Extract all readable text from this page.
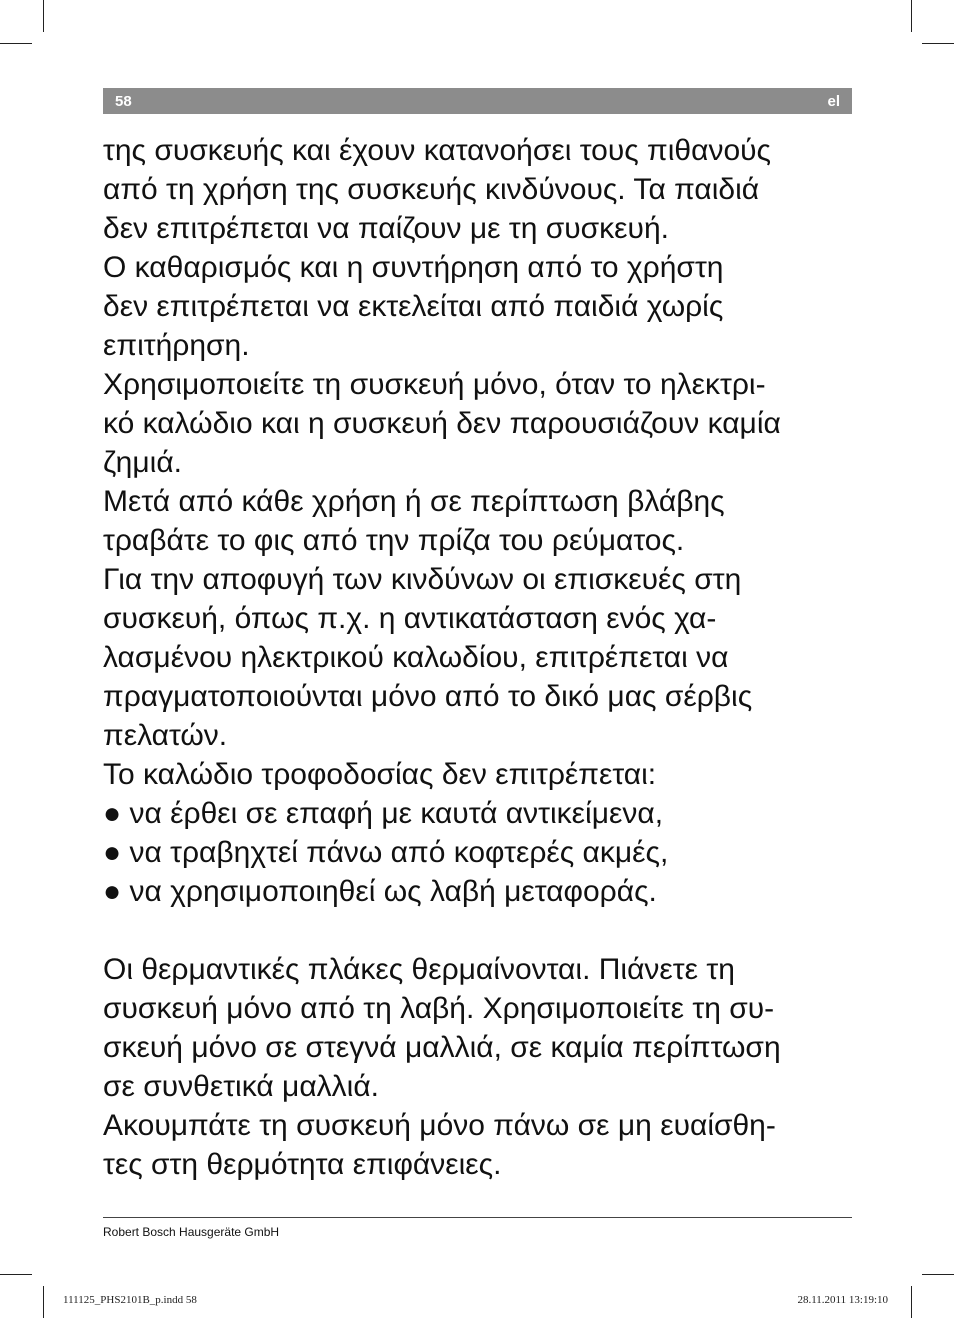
58	el
της συσκευής και έχουν κατανοήσει τους πιθανούς
από τη χρήση της συσκευής κινδύνους. Τα παιδιά
δεν επιτρέπεται να παίζουν με τη συσκευή.
Ο καθαρισμός και η συντήρηση από το χρήστη
δεν επιτρέπεται να εκτελείται από παιδιά χωρίς
επιτήρηση.
Χρησιμοποιείτε τη συσκευή μόνο, όταν το ηλεκτρι-
κό καλώδιο και η συσκευή δεν παρουσιάζουν καμία
ζημιά.
Μετά από κάθε χρήση ή σε περίπτωση βλάβης
τραβάτε το φις από την πρίζα του ρεύματος.
Για την αποφυγή των κινδύνων οι επισκευές στη
συσκευή, όπως π.χ. η αντικατάσταση ενός χα-
λασμένου ηλεκτρικού καλωδίου, επιτρέπεται να
πραγματοποιούνται μόνο από το δικό μας σέρβις
πελατών.
Το καλώδιο τροφοδοσίας δεν επιτρέπεται:
● να έρθει σε επαφή με καυτά αντικείμενα,
● να τραβηχτεί πάνω από κοφτερές ακμές,
● να χρησιμοποιηθεί ως λαβή μεταφοράς.
Οι θερμαντικές πλάκες θερμαίνονται. Πιάνετε τη
συσκευή μόνο από τη λαβή. Χρησιμοποιείτε τη συ-
σκευή μόνο σε στεγνά μαλλιά, σε καμία περίπτωση
σε συνθετικά μαλλιά.
Ακουμπάτε τη συσκευή μόνο πάνω σε μη ευαίσθη-
τες στη θερμότητα επιφάνειες.
Robert Bosch Hausgeräte GmbH
111125_PHS2101B_p.indd 58	28.11.2011 13:19:10
